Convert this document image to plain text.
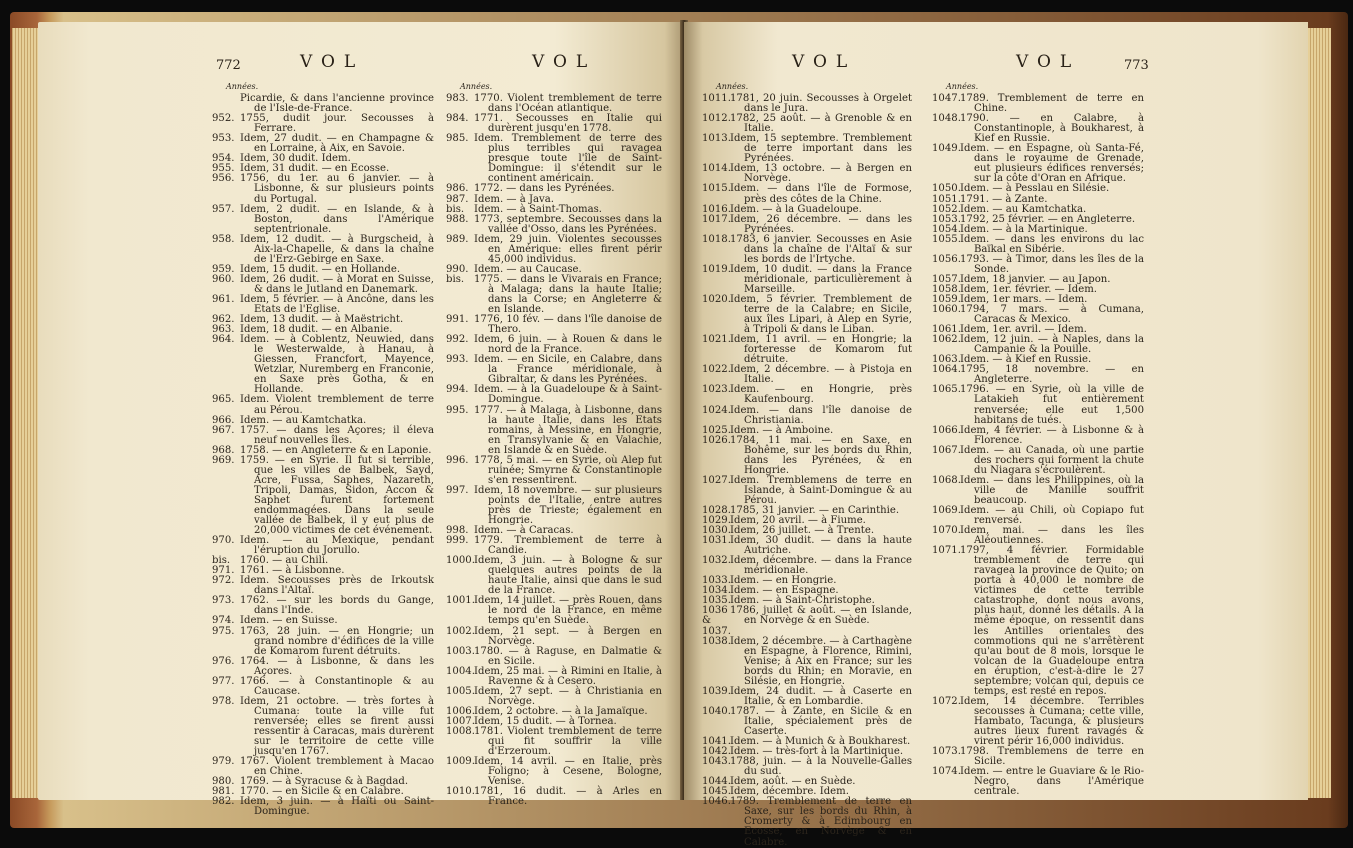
772	VOL	VOL
Années.
Picardie, & dans l'ancienne province de l'Isle-de-France.
952. 1755, dudit jour. Secousses à Ferrare.
953. Idem, 27 dudit. — en Champagne & en Lorraine, à Aix, en Savoie.
954. Idem, 30 dudit. Idem.
955. Idem, 31 dudit. — en Ecosse.
956. 1756, du 1er. au 6 janvier. — à Lisbonne, & sur plusieurs points du Portugal.
957. Idem, 2 dudit. — en Islande, & à Boston, dans l'Amérique septentrionale.
958. Idem, 12 dudit. — à Burgscheid, à Aix-la-Chapelle, & dans la chaîne de l'Erz-Gebirge en Saxe.
959. Idem, 15 dudit. — en Hollande.
960. Idem, 26 dudit. — à Morat en Suisse, & dans le Jutland en Danemark.
961. Idem, 5 février. — à Ancône, dans les Etats de l'Eglise.
962. Idem, 13 dudit. — à Maëstricht.
963. Idem, 18 dudit. — en Albanie.
964. Idem. — à Coblentz, Neuwied, dans le Westerwalde, à Hanau, à Giessen, Francfort, Mayence, Wetzlar, Nuremberg en Franconie, en Saxe près Gotha, & en Hollande.
965. Idem. Violent tremblement de terre au Pérou.
966. Idem. — au Kamtchatka.
967. 1757. — dans les Açores; il éleva neuf nouvelles îles.
968. 1758. — en Angleterre & en Laponie.
969. 1759. — en Syrie. Il fut si terrible, que les villes de Balbek, Sayd, Acre, Fussa, Saphes, Nazareth, Tripoli, Damas, Sidon, Accon & Saphet furent fortement endommagées. Dans la seule vallée de Balbek, il y eut plus de 20,000 victimes de cet événement.
970. Idem. — au Mexique, pendant l'éruption du Jorullo.
bis. 1760. — au Chili.
971. 1761. — à Lisbonne.
972. Idem. Secousses près de Irkoutsk dans l'Altaï.
973. 1762. — sur les bords du Gange, dans l'Inde.
974. Idem. — en Suisse.
975. 1763, 28 juin. — en Hongrie; un grand nombre d'édifices de la ville de Komarom furent détruits.
976. 1764. — à Lisbonne, & dans les Açores.
977. 1766. — à Constantinople & au Caucase.
978. Idem, 21 octobre. — très fortes à Cumana: toute la ville fut renversée; elles se firent aussi ressentir à Caracas, mais durèrent sur le territoire de cette ville jusqu'en 1767.
979. 1767. Violent tremblement à Macao en Chine.
980. 1769. — à Syracuse & à Bagdad.
981. 1770. — en Sicile & en Calabre.
982. Idem, 3 juin. — à Haïti ou Saint-Domingue.
Années.
983. 1770. Violent tremblement de terre dans l'Océan atlantique.
984. 1771. Secousses en Italie qui durèrent jusqu'en 1778.
985. Idem. Tremblement de terre des plus terribles qui ravagea presque toute l'île de Saint-Domingue: il s'étendit sur le continent américain.
986. 1772. — dans les Pyrénées.
987. Idem. — à Java.
bis. Idem. — à Saint-Thomas.
988. 1773, septembre. Secousses dans la vallée d'Osso, dans les Pyrénées.
989. Idem, 29 juin. Violentes secousses en Amérique: elles firent périr 45,000 individus.
990. Idem. — au Caucase.
bis. 1775. — dans le Vivarais en France; à Malaga; dans la haute Italie; dans la Corse; en Angleterre & en Islande.
991. 1776, 10 fév. — dans l'île danoise de Thero.
992. Idem, 6 juin. — à Rouen & dans le nord de la France.
993. Idem. — en Sicile, en Calabre, dans la France méridionale, à Gibraltar, & dans les Pyrénées.
994. Idem. — à la Guadeloupe & à Saint-Domingue.
995. 1777. — à Malaga, à Lisbonne, dans la haute Italie, dans les Etats romains, à Messine, en Hongrie, en Transylvanie & en Valachie, en Islande & en Suède.
996. 1778, 5 mai. — en Syrie, où Alep fut ruinée; Smyrne & Constantinople s'en ressentirent.
997. Idem, 18 novembre. — sur plusieurs points de l'Italie, entre autres près de Trieste; également en Hongrie.
998. Idem. — à Caracas.
999. 1779. Tremblement de terre à Candie.
1000. Idem, 3 juin. — à Bologne & sur quelques autres points de la haute Italie, ainsi que dans le sud de la France.
1001. Idem, 14 juillet. — près Rouen, dans le nord de la France, en même temps qu'en Suède.
1002. Idem, 21 sept. — à Bergen en Norvège.
1003. 1780. — à Raguse, en Dalmatie & en Sicile.
1004. Idem, 25 mai. — à Rimini en Italie, à Ravenne & à Cesero.
1005. Idem, 27 sept. — à Christiania en Norvège.
1006. Idem, 2 octobre. — à la Jamaïque.
1007. Idem, 15 dudit. — à Tornea.
1008. 1781. Violent tremblement de terre qui fit souffrir la ville d'Erzeroum.
1009. Idem, 14 avril. — en Italie, près Foligno; à Cesene, Bologne, Venise.
1010. 1781, 16 dudit. — à Arles en France.
VOL	VOL	773
Années.
1011. 1781, 20 juin. Secousses à Orgelet dans le Jura.
1012. 1782, 25 août. — à Grenoble & en Italie.
1013. Idem, 15 septembre. Tremblement de terre important dans les Pyrénées.
1014. Idem, 13 octobre. — à Bergen en Norvège.
1015. Idem. — dans l'île de Formose, près des côtes de la Chine.
1016. Idem. — à la Guadeloupe.
1017. Idem, 26 décembre. — dans les Pyrénées.
1018. 1783, 6 janvier. Secousses en Asie dans la chaîne de l'Altaï & sur les bords de l'Irtyche.
1019. Idem, 10 dudit. — dans la France méridionale, particulièrement à Marseille.
1020. Idem, 5 février. Tremblement de terre de la Calabre; en Sicile, aux îles Lipari, à Alep en Syrie, à Tripoli & dans le Liban.
1021. Idem, 11 avril. — en Hongrie; la forteresse de Komarom fut détruite.
1022. Idem, 2 décembre. — à Pistoja en Italie.
1023. Idem. — en Hongrie, près Kaufenbourg.
1024. Idem. — dans l'île danoise de Christiania.
1025. Idem. — à Amboine.
1026. 1784, 11 mai. — en Saxe, en Bohême, sur les bords du Rhin, dans les Pyrénées, & en Hongrie.
1027. Idem. Tremblemens de terre en Islande, à Saint-Domingue & au Pérou.
1028. 1785, 31 janvier. — en Carinthie.
1029. Idem, 20 avril. — à Fiume.
1030. Idem, 26 juillet. — à Trente.
1031. Idem, 30 dudit. — dans la haute Autriche.
1032. Idem, décembre. — dans la France méridionale.
1033. Idem. — en Hongrie.
1034. Idem. — en Espagne.
1035. Idem. — à Saint-Christophe.
1036 & 1037.
1786, juillet & août. — en Islande, en Norvège & en Suède.
1038. Idem, 2 décembre. — à Carthagène en Espagne, à Florence, Rimini, Venise; à Aix en France; sur les bords du Rhin; en Moravie, en Silésie, en Hongrie.
1039. Idem, 24 dudit. — à Caserte en Italie, & en Lombardie.
1040. 1787. — à Zante, en Sicile & en Italie, spécialement près de Caserte.
1041. Idem. — à Munich & à Boukharest.
1042. Idem. — très-fort à la Martinique.
1043. 1788, juin. — à la Nouvelle-Galles du sud.
1044. Idem, août. — en Suède.
1045. Idem, décembre. Idem.
1046. 1789. Tremblement de terre en Saxe, sur les bords du Rhin, à Cromerty & à Edimbourg en Ecosse, en Norvège & en Calabre.
Années.
1047. 1789. Tremblement de terre en Chine.
1048. 1790. — en Calabre, à Constantinople, à Boukharest, à Kief en Russie.
1049. Idem. — en Espagne, où Santa-Fé, dans le royaume de Grenade, eut plusieurs édifices renversés; sur la côte d'Oran en Afrique.
1050. Idem. — à Pesslau en Silésie.
1051. 1791. — à Zante.
1052. Idem. — au Kamtchatka.
1053. 1792, 25 février. — en Angleterre.
1054. Idem. — à la Martinique.
1055. Idem. — dans les environs du lac Baïkal en Sibérie.
1056. 1793. — à Timor, dans les îles de la Sonde.
1057. Idem, 18 janvier. — au Japon.
1058. Idem, 1er. février. — Idem.
1059. Idem, 1er mars. — Idem.
1060. 1794, 7 mars. — à Cumana, Caracas & Mexico.
1061. Idem, 1er. avril. — Idem.
1062. Idem, 12 juin. — à Naples, dans la Campanie & la Pouille.
1063. Idem. — à Kief en Russie.
1064. 1795, 18 novembre. — en Angleterre.
1065. 1796. — en Syrie, où la ville de Latakieh fut entièrement renversée; elle eut 1,500 habitans de tués.
1066. Idem, 4 février. — à Lisbonne & à Florence.
1067. Idem. — au Canada, où une partie des rochers qui forment la chute du Niagara s'écroulèrent.
1068. Idem. — dans les Philippines, où la ville de Manille souffrit beaucoup.
1069. Idem. — au Chili, où Copiapo fut renversé.
1070. Idem, mai. — dans les îles Aléoutiennes.
1071. 1797, 4 février. Formidable tremblement de terre qui ravagea la province de Quito; on porta à 40,000 le nombre de victimes de cette terrible catastrophe, dont nous avons, plus haut, donné les détails. A la même époque, on ressentit dans les Antilles orientales des commotions qui ne s'arrêtèrent qu'au bout de 8 mois, lorsque le volcan de la Guadeloupe entra en éruption, c'est-à-dire le 27 septembre; volcan qui, depuis ce temps, est resté en repos.
1072. Idem, 14 décembre. Terribles secousses à Cumana; cette ville, Hambato, Tacunga, & plusieurs autres lieux furent ravagés & virent périr 16,000 individus.
1073. 1798. Tremblemens de terre en Sicile.
1074. Idem. — entre le Guaviare & le Rio-Negro, dans l'Amérique centrale.
